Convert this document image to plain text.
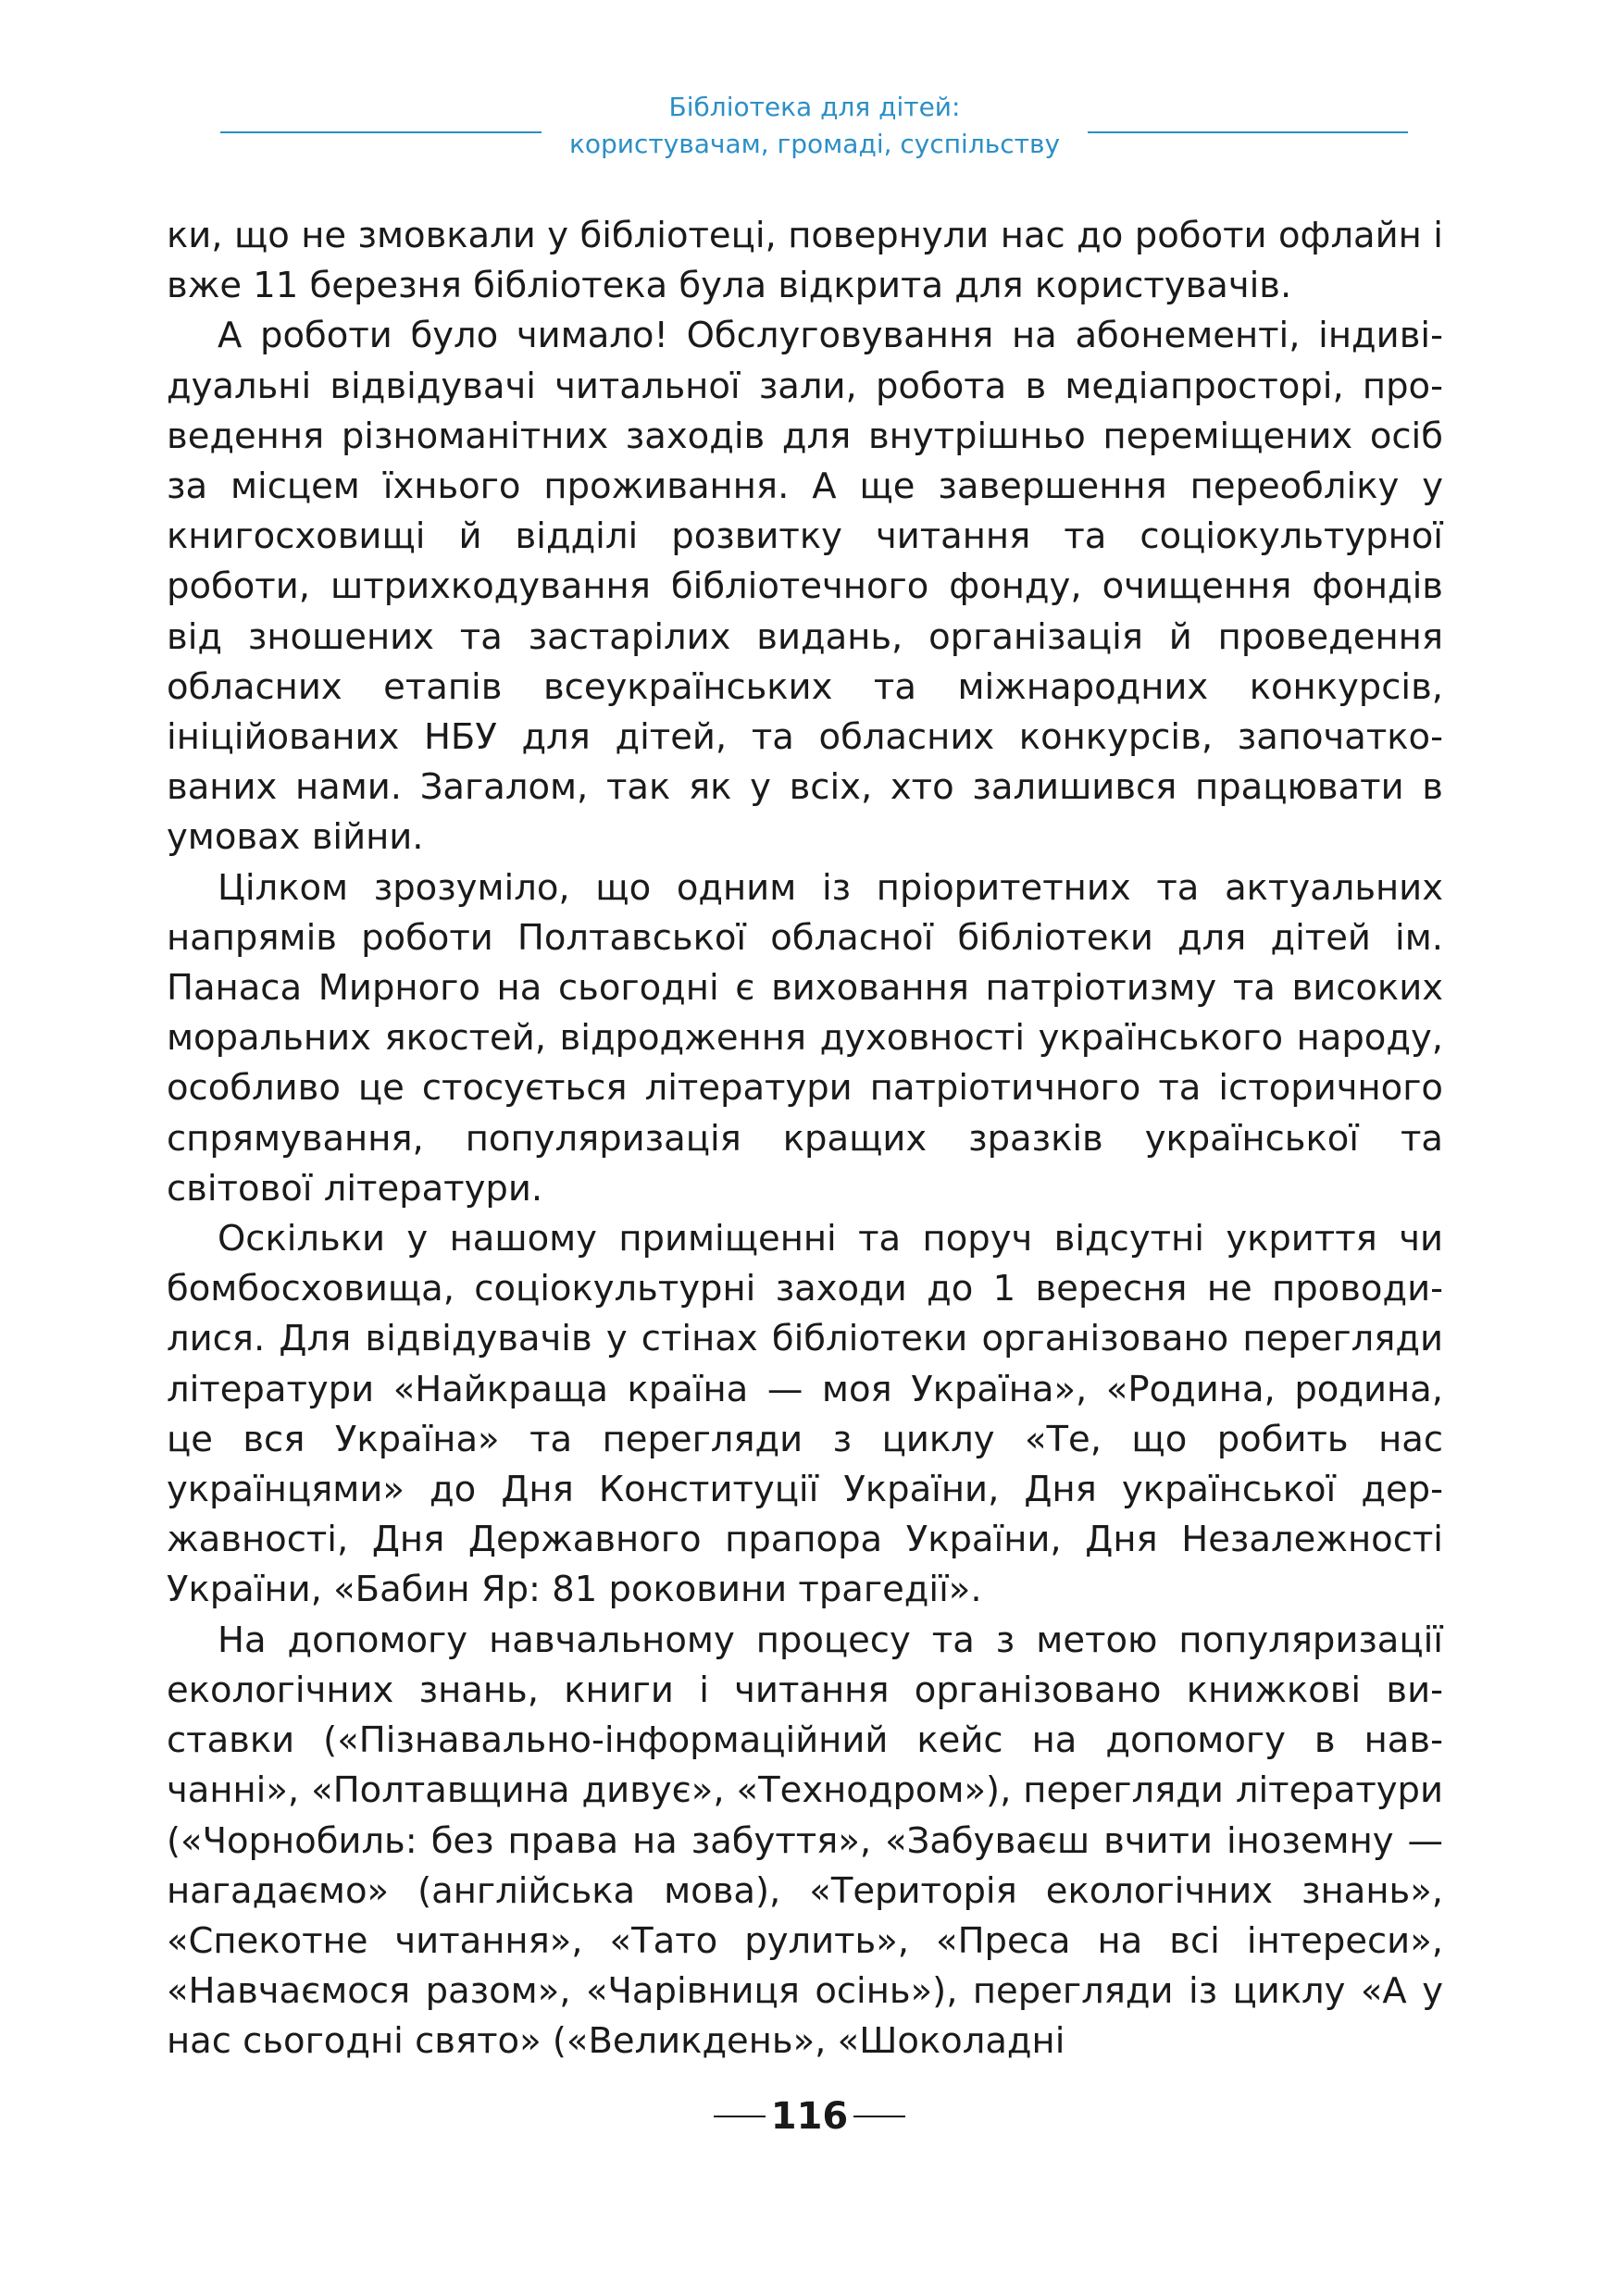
Бібліотека для дітей:
користувачам, громаді, суспільству

ки, що не змовкали у бібліотеці, повернули нас до роботи офлайн і вже 11 березня бібліотека була відкрита для користувачів.

А роботи було чимало! Обслуговування на абонементі, індивідуальні відвідувачі читальної зали, робота в медіапросторі, проведення різноманітних заходів для внутрішньо переміщених осіб за місцем їхнього проживання. А ще завершення переобліку у книгосховищі й відділі розвитку читання та соціокультурної роботи, штрихкодування бібліотечного фонду, очищення фондів від зношених та застарілих видань, організація й проведення обласних етапів всеукраїнських та міжнародних конкурсів, ініційованих НБУ для дітей, та обласних конкурсів, започаткованих нами. Загалом, так як у всіх, хто залишився працювати в умовах війни.

Цілком зрозуміло, що одним із пріоритетних та актуальних напрямів роботи Полтавської обласної бібліотеки для дітей ім. Панаса Мирного на сьогодні є виховання патріотизму та високих моральних якостей, відродження духовності українського народу, особливо це стосується літератури патріотичного та історичного спрямування, популяризація кращих зразків української та світової літератури.

Оскільки у нашому приміщенні та поруч відсутні укриття чи бомбосховища, соціокультурні заходи до 1 вересня не проводилися. Для відвідувачів у стінах бібліотеки організовано перегляди літератури «Найкраща країна — моя Україна», «Родина, родина, це вся Україна» та перегляди з циклу «Те, що робить нас українцями» до Дня Конституції України, Дня української державності, Дня Державного прапора України, Дня Незалежності України, «Бабин Яр: 81 роковини трагедії».

На допомогу навчальному процесу та з метою популяризації екологічних знань, книги і читання організовано книжкові виставки («Пізнавально-інформаційний кейс на допомогу в навчанні», «Полтавщина дивує», «Технодром»), перегляди літератури («Чорнобиль: без права на забуття», «Забуваєш вчити іноземну — нагадаємо» (англійська мова), «Територія екологічних знань», «Спекотне читання», «Тато рулить», «Преса на всі інтереси», «Навчаємося разом», «Чарівниця осінь»), перегляди із циклу «А у нас сьогодні свято» («Великдень», «Шоколадні

116
